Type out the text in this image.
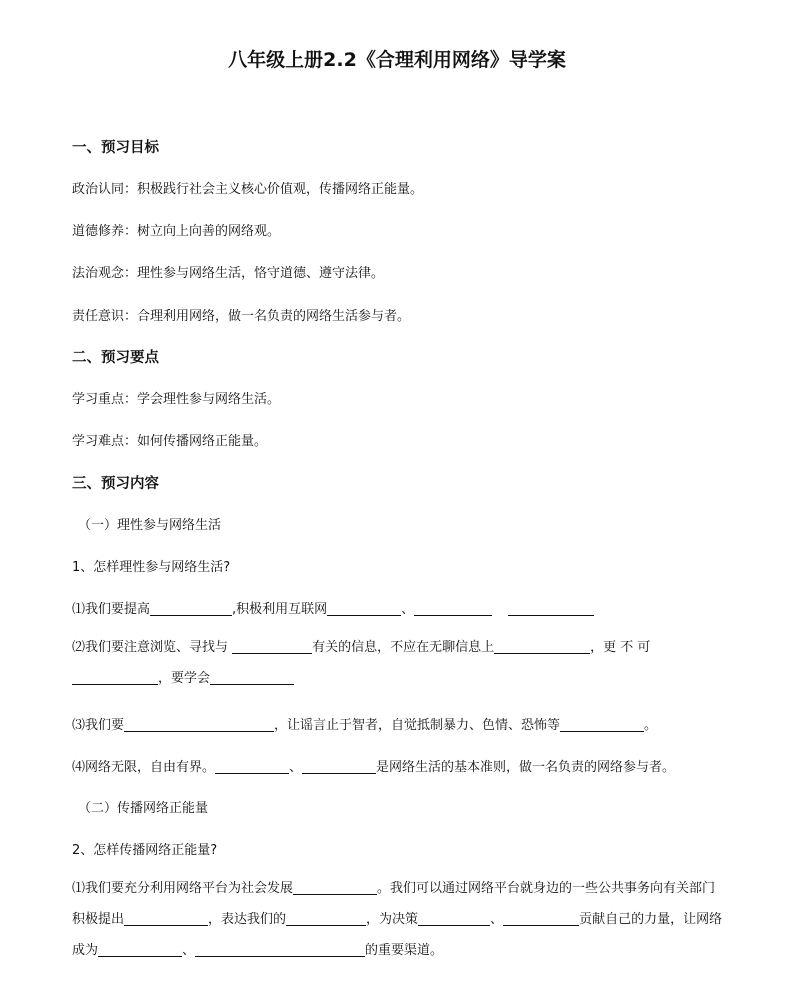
八年级上册2.2《合理利用网络》导学案
一、预习目标
政治认同：积极践行社会主义核心价值观，传播网络正能量。
道德修养：树立向上向善的网络观。
法治观念：理性参与网络生活，恪守道德、遵守法律。
责任意识：合理利用网络，做一名负责的网络生活参与者。
二、预习要点
学习重点：学会理性参与网络生活。
学习难点：如何传播网络正能量。
三、预习内容
（一）理性参与网络生活
1、怎样理性参与网络生活?
⑴我们要提高	,积极利用互联网	、
⑵我们要注意浏览、寻找与	有关的信息，不应在无聊信息上	，更 不 可，要学会
⑶我们要	，让谣言止于智者，自觉抵制暴力、色情、恐怖等	。
⑷网络无限，自由有界。	、	是网络生活的基本准则，做一名负责的网络参与者。
（二）传播网络正能量
2、怎样传播网络正能量?
⑴我们要充分利用网络平台为社会发展	。我们可以通过网络平台就身边的一些公共事务向有关部门积极提出	，表达我们的	，为决策	、	贡献自己的力量，让网络成为	、	的重要渠道。
